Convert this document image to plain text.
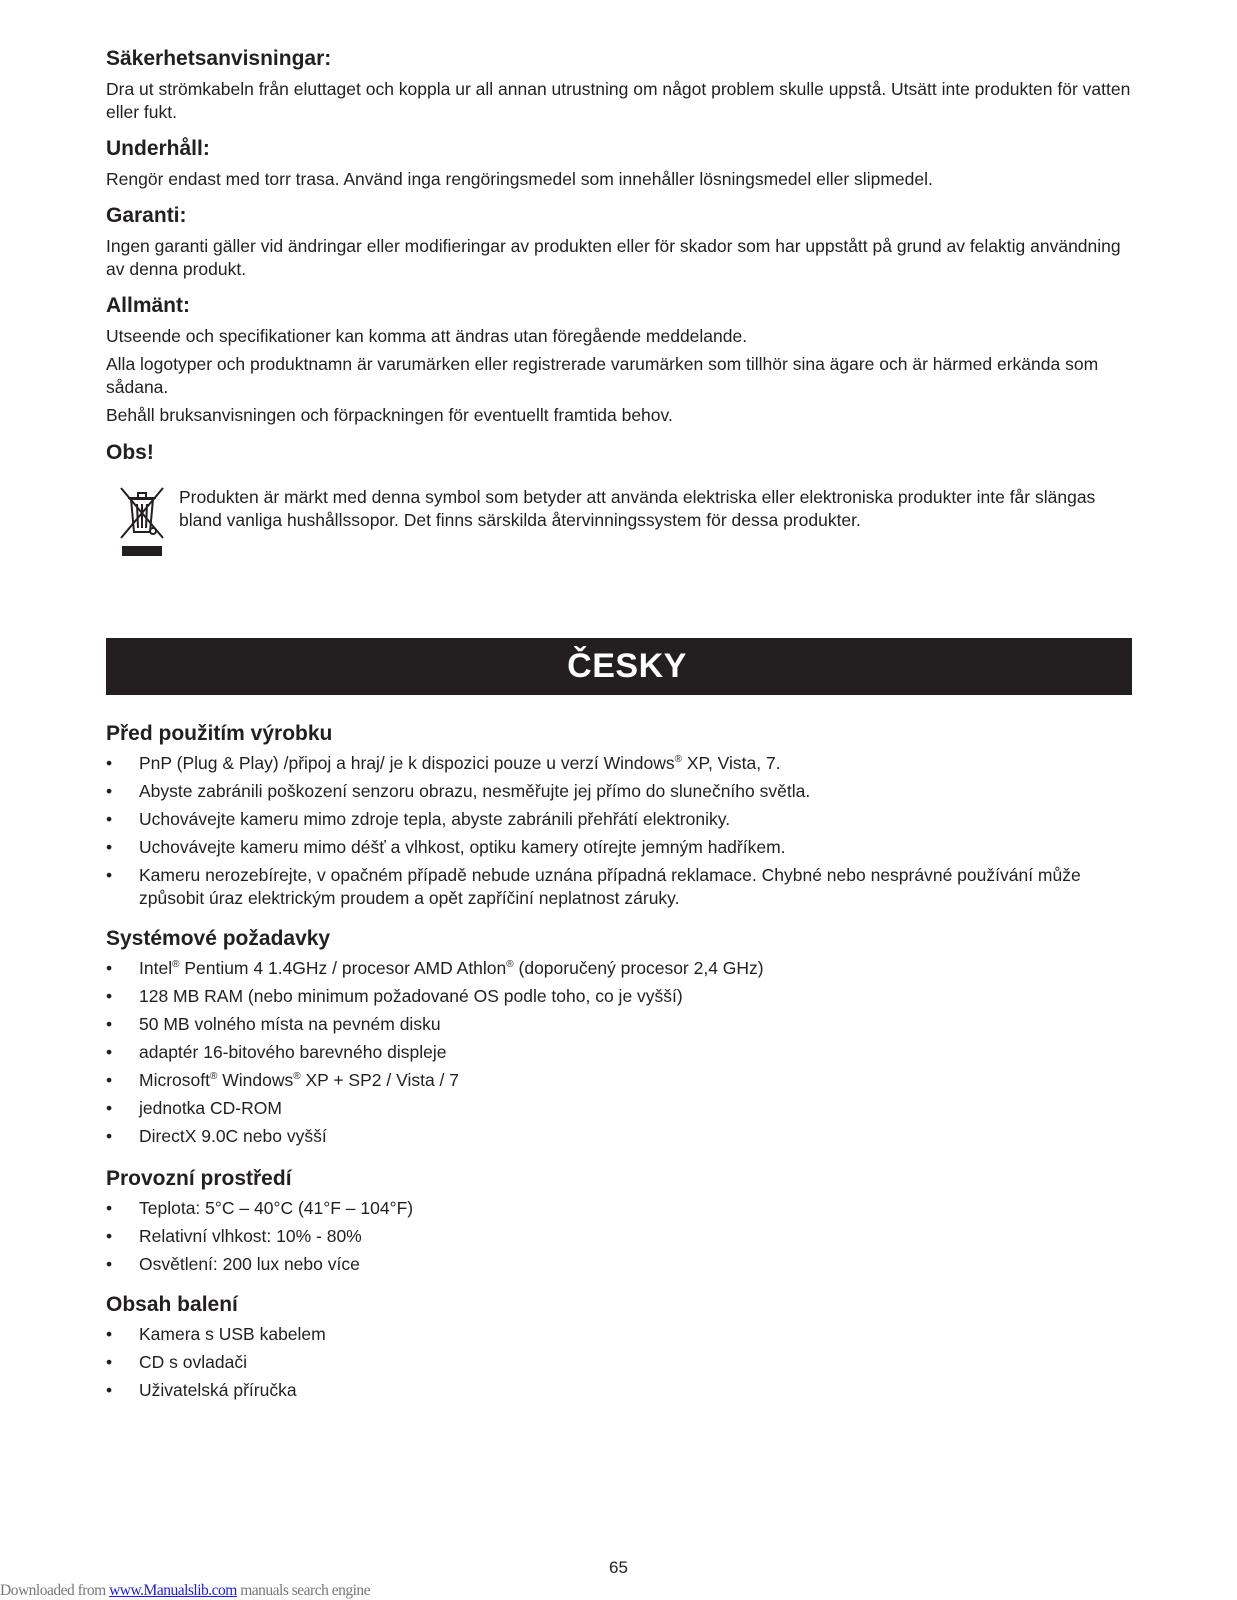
Säkerhetsanvisningar:

Dra ut strömkabeln från eluttaget och koppla ur all annan utrustning om något problem skulle uppstå. Utsätt inte produkten för vatten eller fukt.

Underhåll:

Rengör endast med torr trasa. Använd inga rengöringsmedel som innehåller lösningsmedel eller slipmedel.

Garanti:

Ingen garanti gäller vid ändringar eller modifieringar av produkten eller för skador som har uppstått på grund av felaktig användning av denna produkt.

Allmänt:

Utseende och specifikationer kan komma att ändras utan föregående meddelande.

Alla logotyper och produktnamn är varumärken eller registrerade varumärken som tillhör sina ägare och är härmed erkända som sådana.

Behåll bruksanvisningen och förpackningen för eventuellt framtida behov.

Obs!
Produkten är märkt med denna symbol som betyder att använda elektriska eller elektroniska produkter inte får slängas bland vanliga hushållssopor. Det finns särskilda återvinningssystem för dessa produkter.
ČESKY
Před použitím výrobku
• PnP (Plug & Play) /připoj a hraj/ je k dispozici pouze u verzí Windows® XP, Vista, 7.
• Abyste zabránili poškození senzoru obrazu, nesměřujte jej přímo do slunečního světla.
• Uchovávejte kameru mimo zdroje tepla, abyste zabránili přehřátí elektroniky.
• Uchovávejte kameru mimo déšť a vlhkost, optiku kamery otírejte jemným hadříkem.
• Kameru nerozebírejte, v opačném případě nebude uznána případná reklamace. Chybné nebo nesprávné používání může způsobit úraz elektrickým proudem a opět zapříčiní neplatnost záruky.
Systémové požadavky
• Intel® Pentium 4 1.4GHz / procesor AMD Athlon® (doporučený procesor 2,4 GHz)
• 128 MB RAM (nebo minimum požadované OS podle toho, co je vyšší)
• 50 MB volného místa na pevném disku
• adaptér 16-bitového barevného displeje
• Microsoft® Windows® XP + SP2 / Vista / 7
• jednotka CD-ROM
• DirectX 9.0C nebo vyšší
Provozní prostředí
• Teplota: 5°C – 40°C (41°F – 104°F)
• Relativní vlhkost: 10% - 80%
• Osvětlení: 200 lux nebo více
Obsah balení
• Kamera s USB kabelem
• CD s ovladači
• Uživatelská příručka
65
Downloaded from www.Manualslib.com manuals search engine
